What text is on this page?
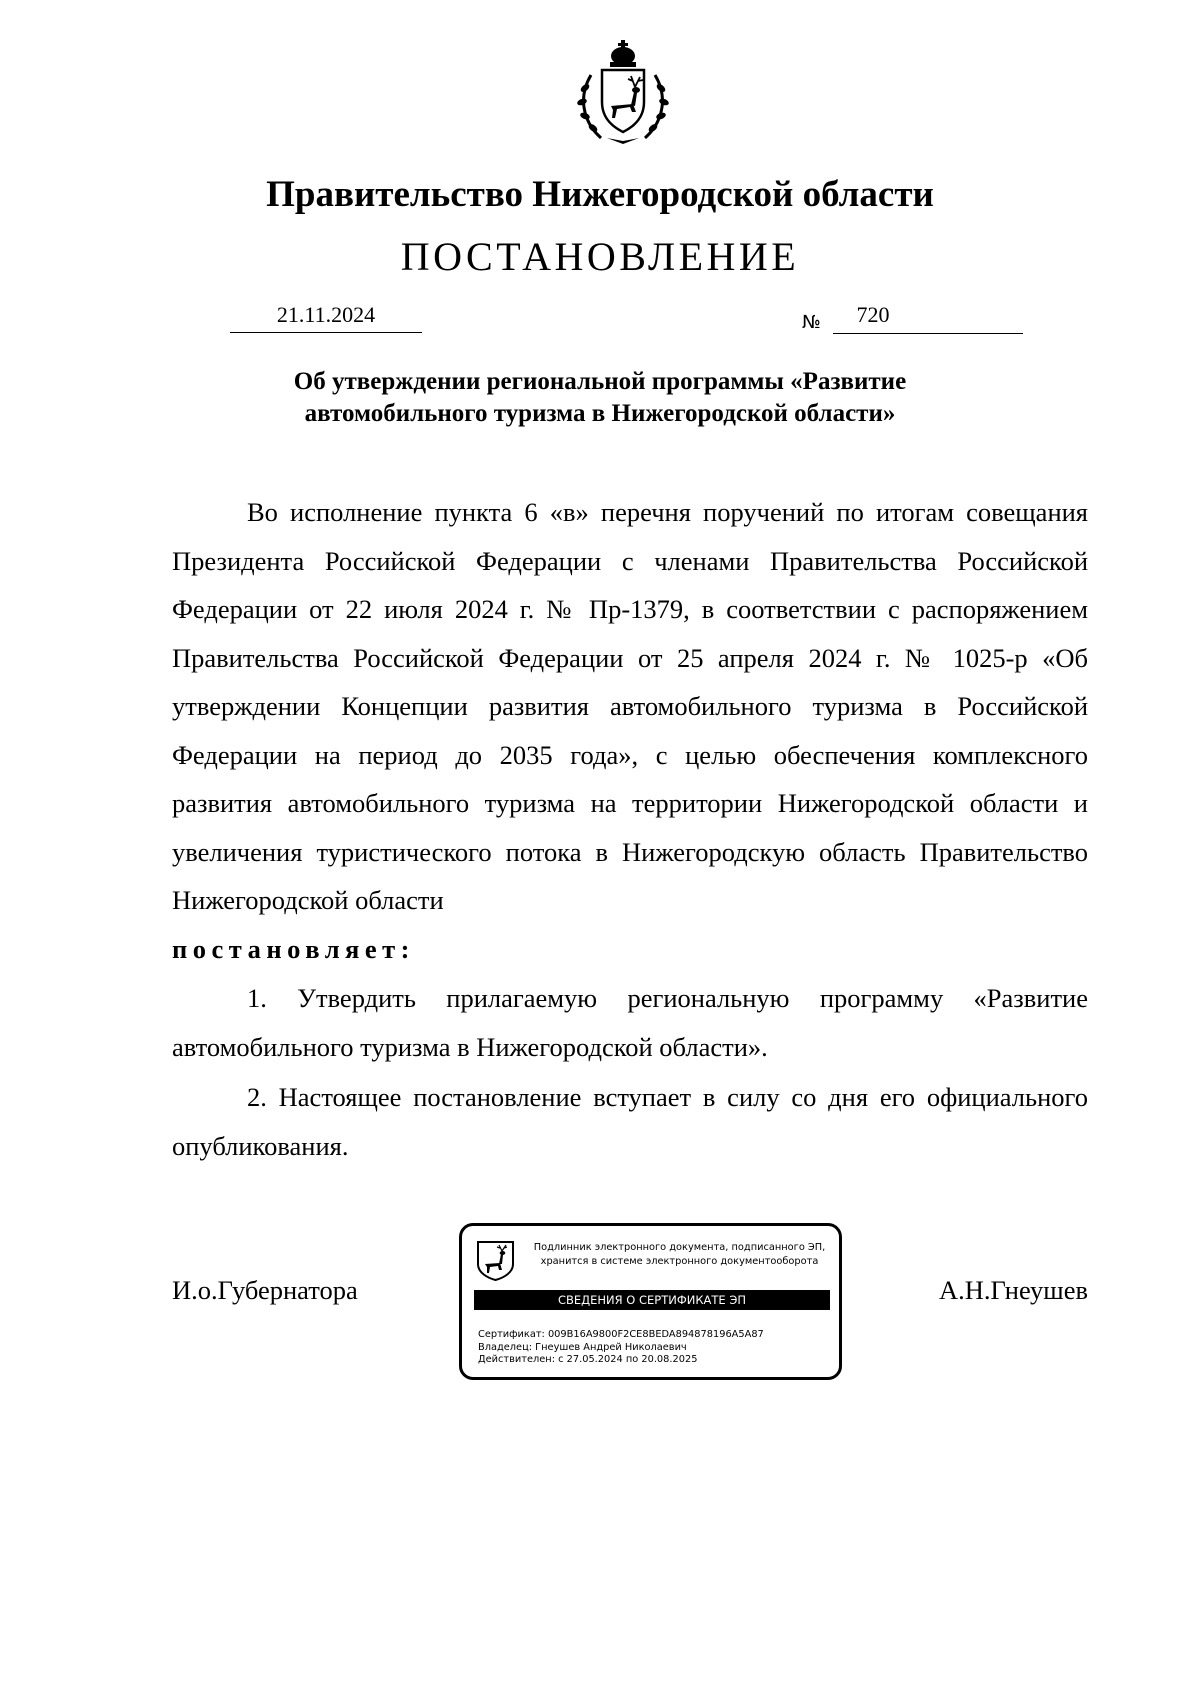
Правительство Нижегородской области
ПОСТАНОВЛЕНИЕ
21.11.2024	№	720
Об утверждении региональной программы «Развитие
автомобильного туризма в Нижегородской области»
Во исполнение пункта 6 «в» перечня поручений по итогам совещания Президента Российской Федерации с членами Правительства Российской Федерации от 22 июля 2024 г. № Пр-1379, в соответствии с распоряжением Правительства Российской Федерации от 25 апреля 2024 г. № 1025-р «Об утверждении Концепции развития автомобильного туризма в Российской Федерации на период до 2035 года», с целью обеспечения комплексного развития автомобильного туризма на территории Нижегородской области и увеличения туристического потока в Нижегородскую область Правительство Нижегородской области
постановляет:
1. Утвердить прилагаемую региональную программу «Развитие автомобильного туризма в Нижегородской области».
2. Настоящее постановление вступает в силу со дня его официального опубликования.
И.о.Губернатора	А.Н.Гнеушев
Подлинник электронного документа, подписанного ЭП,
хранится в системе электронного документооборота
СВЕДЕНИЯ О СЕРТИФИКАТЕ ЭП
Сертификат: 009B16A9800F2CE8BEDA894878196A5A87
Владелец: Гнеушев Андрей Николаевич
Действителен: с 27.05.2024 по 20.08.2025
